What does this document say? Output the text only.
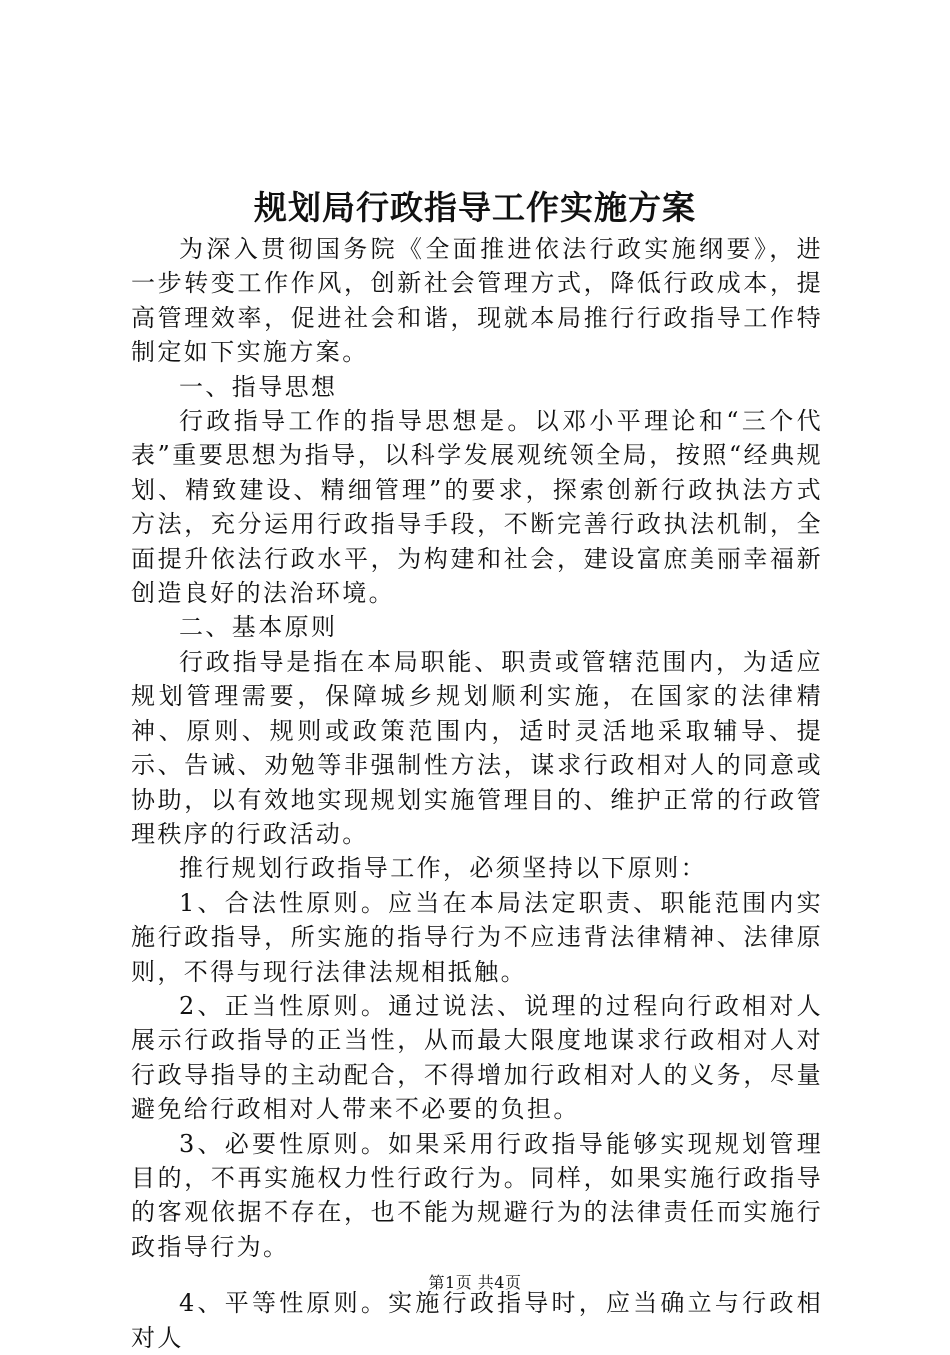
规划局行政指导工作实施方案

为深入贯彻国务院《全面推进依法行政实施纲要》，进一步转变工作作风，创新社会管理方式，降低行政成本，提高管理效率，促进社会和谐，现就本局推行行政指导工作特制定如下实施方案。

一、指导思想

行政指导工作的指导思想是。以邓小平理论和“三个代表”重要思想为指导，以科学发展观统领全局，按照“经典规划、精致建设、精细管理”的要求，探索创新行政执法方式方法，充分运用行政指导手段，不断完善行政执法机制，全面提升依法行政水平，为构建和社会，建设富庶美丽幸福新创造良好的法治环境。

二、基本原则

行政指导是指在本局职能、职责或管辖范围内，为适应规划管理需要，保障城乡规划顺利实施，在国家的法律精神、原则、规则或政策范围内，适时灵活地采取辅导、提示、告诫、劝勉等非强制性方法，谋求行政相对人的同意或协助，以有效地实现规划实施管理目的、维护正常的行政管理秩序的行政活动。

推行规划行政指导工作，必须坚持以下原则：

1、合法性原则。应当在本局法定职责、职能范围内实施行政指导，所实施的指导行为不应违背法律精神、法律原则，不得与现行法律法规相抵触。

2、正当性原则。通过说法、说理的过程向行政相对人展示行政指导的正当性，从而最大限度地谋求行政相对人对行政导指导的主动配合，不得增加行政相对人的义务，尽量避免给行政相对人带来不必要的负担。

3、必要性原则。如果采用行政指导能够实现规划管理目的，不再实施权力性行政行为。同样，如果实施行政指导的客观依据不存在，也不能为规避行为的法律责任而实施行政指导行为。

4、平等性原则。实施行政指导时，应当确立与行政相对人

第1页 共4页
